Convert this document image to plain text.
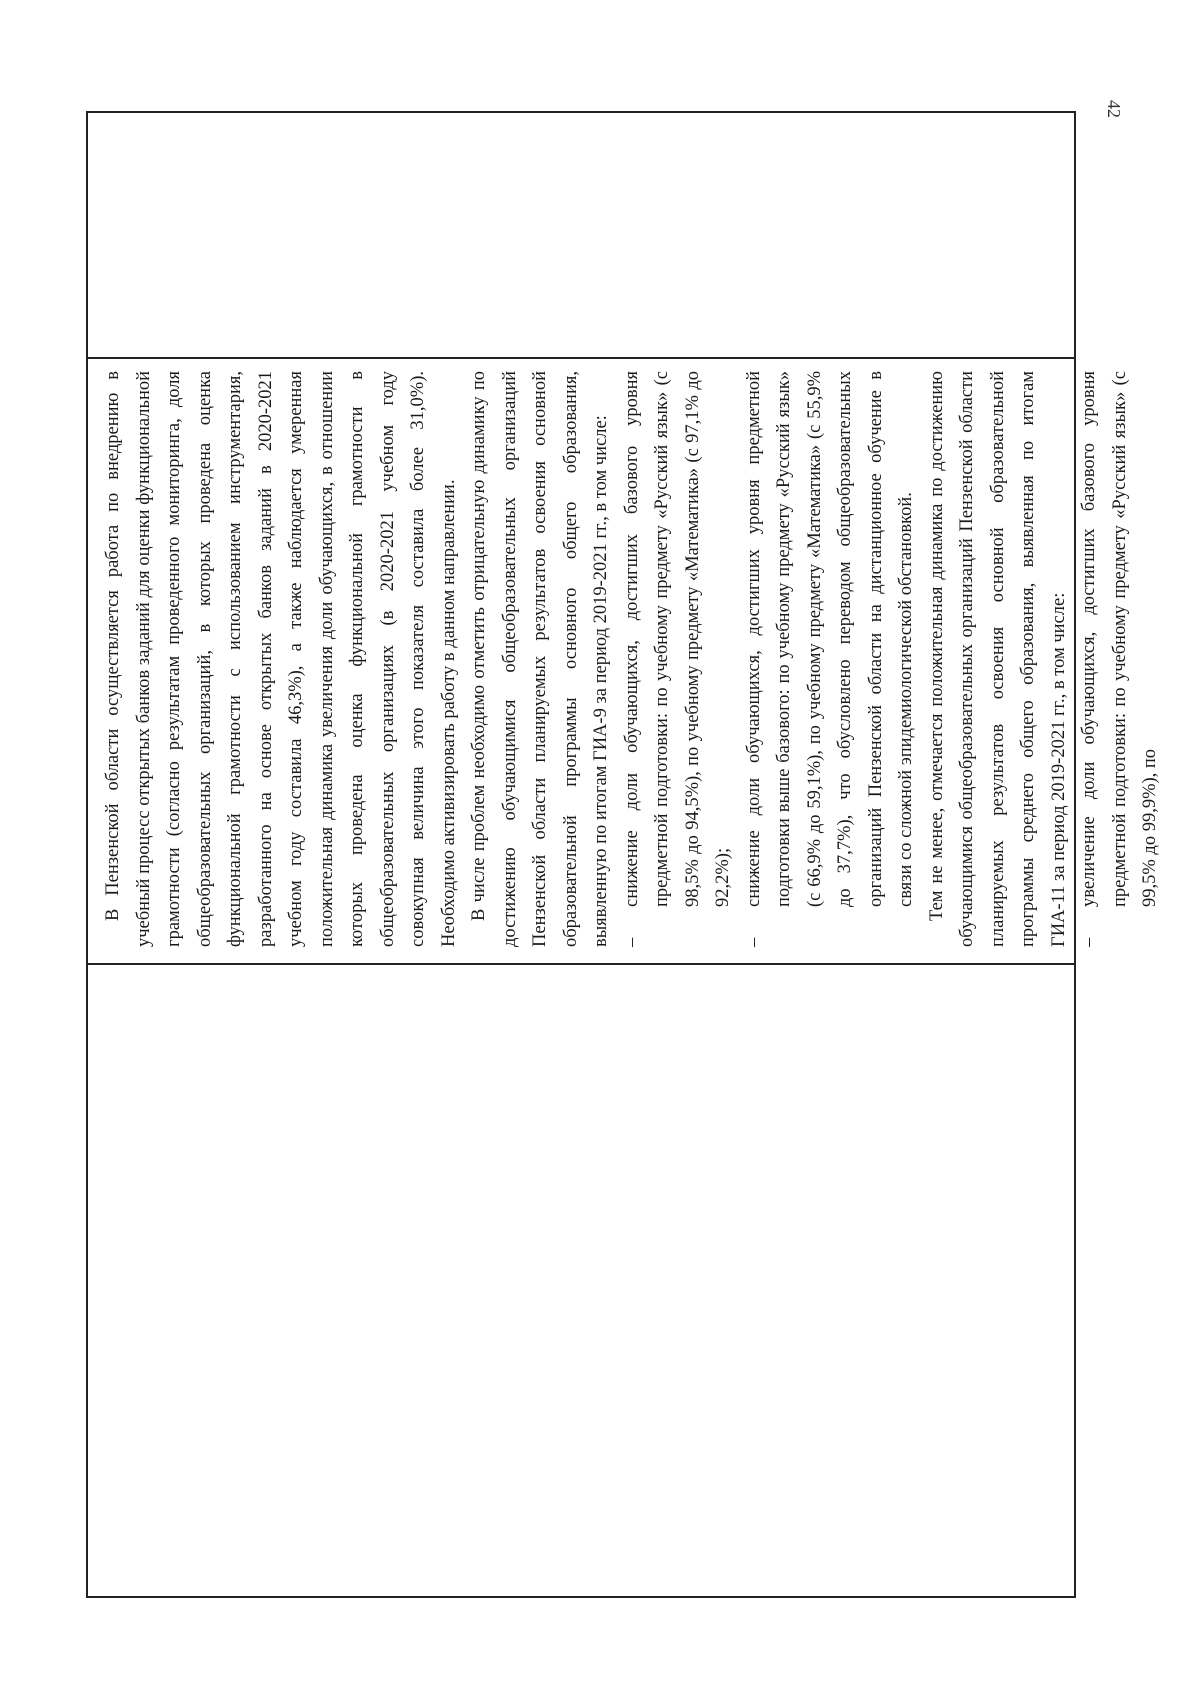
42

В Пензенской области осуществляется работа по внедрению в учебный процесс открытых банков заданий для оценки функциональной грамотности (согласно результатам проведенного мониторинга, доля общеобразовательных организаций, в которых проведена оценка функциональной грамотности с использованием инструментария, разработанного на основе открытых банков заданий в 2020-2021 учебном году составила 46,3%), а также наблюдается умеренная положительная динамика увеличения доли обучающихся, в отношении которых проведена оценка функциональной грамотности в общеобразовательных организациях (в 2020-2021 учебном году совокупная величина этого показателя составила более 31,0%). Необходимо активизировать работу в данном направлении. В числе проблем необходимо отметить отрицательную динамику по достижению обучающимися общеобразовательных организаций Пензенской области планируемых результатов освоения основной образовательной программы основного общего образования, выявленную по итогам ГИА-9 за период 2019-2021 гг., в том числе: –
снижение доли обучающихся, достигших базового уровня предметной подготовки: по учебному предмету «Русский язык» (с 98,5% до 94,5%), по учебному предмету «Математика» (с 97,1% до 92,2%);
–
снижение доли обучающихся, достигших уровня предметной подготовки выше базового: по учебному предмету «Русский язык» (с 66,9% до 59,1%), по учебному предмету «Математика» (с 55,9% до 37,7%), что обусловлено переводом общеобразовательных организаций Пензенской области на дистанционное обучение в связи со сложной эпидемиологической обстановкой. Тем не менее, отмечается положительная динамика по достижению обучающимися общеобразовательных организаций Пензенской области планируемых результатов освоения основной образовательной программы среднего общего образования, выявленная по итогам ГИА-11 за период 2019-2021 гг., в том числе: –
увеличение доли обучающихся, достигших базового уровня предметной подготовки: по учебному предмету «Русский язык» (с 99,5% до 99,9%), по
